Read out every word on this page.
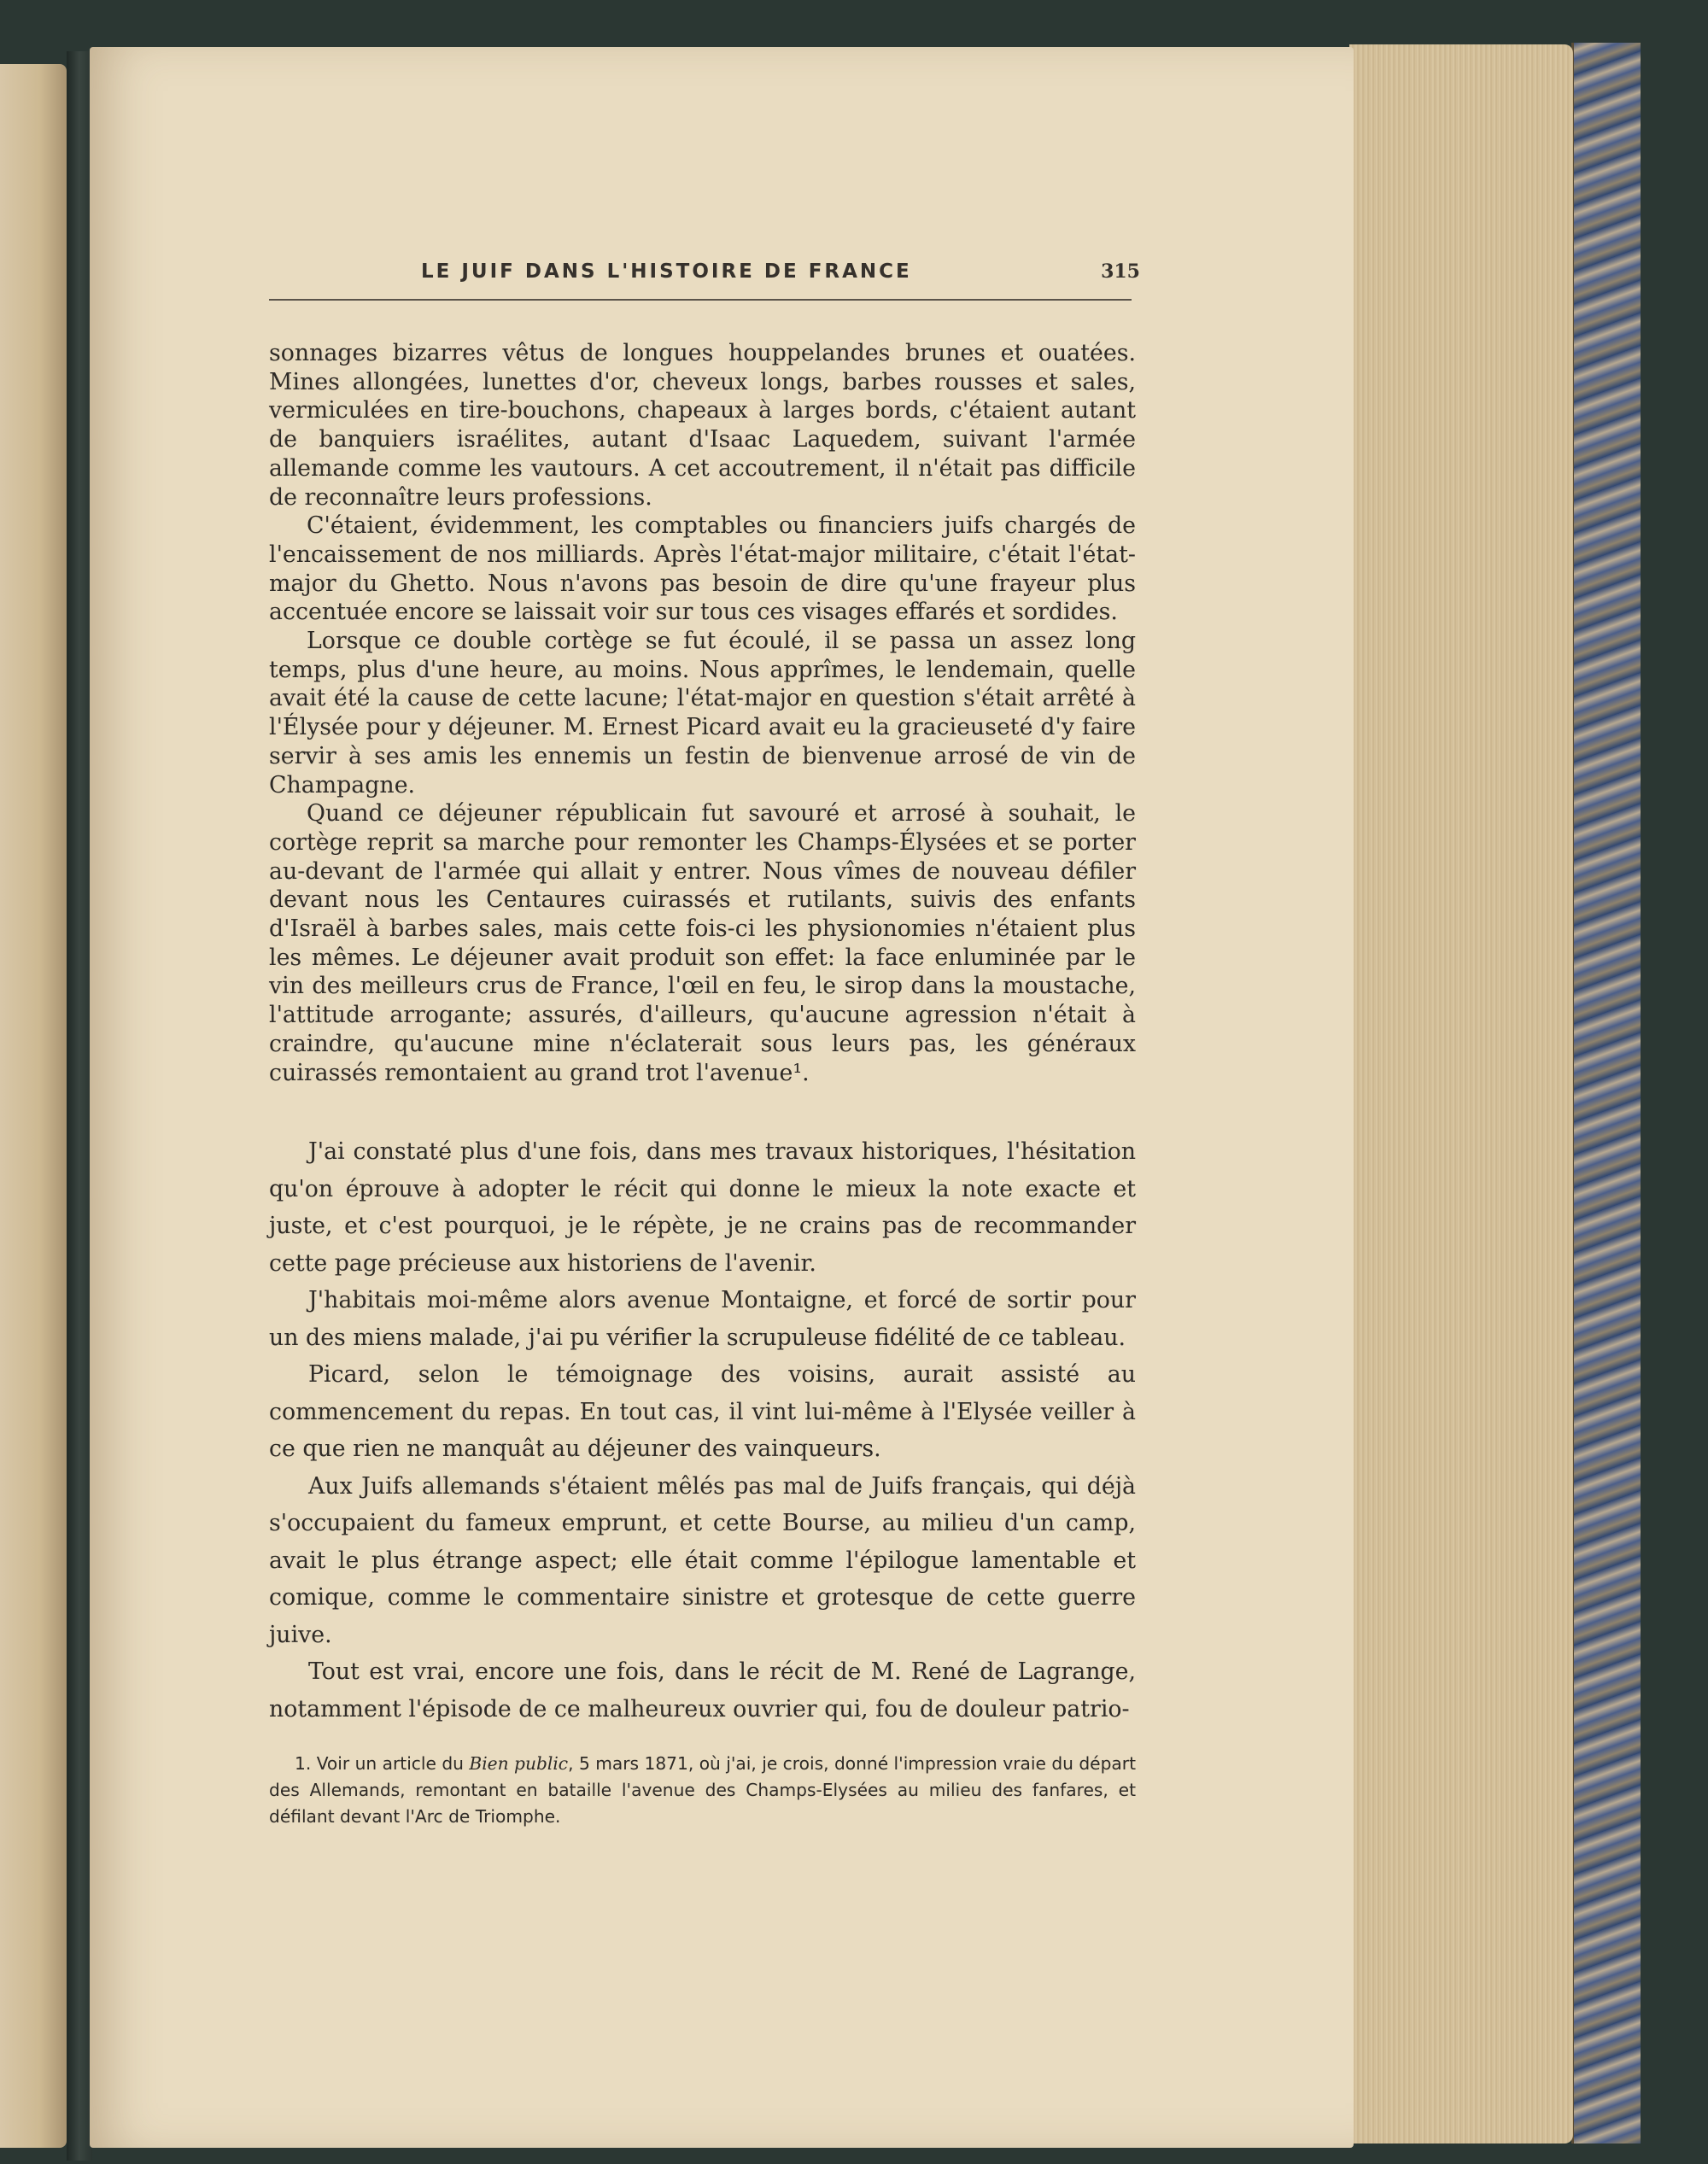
LE JUIF DANS L'HISTOIRE DE FRANCE	315

sonnages bizarres vêtus de longues houppelandes brunes et ouatées. Mines allongées, lunettes d'or, cheveux longs, barbes rousses et sales, vermiculées en tire-bouchons, chapeaux à larges bords, c'étaient autant de banquiers israélites, autant d'Isaac Laquedem, suivant l'armée allemande comme les vautours. A cet accoutrement, il n'était pas difficile de reconnaître leurs professions.

C'étaient, évidemment, les comptables ou financiers juifs chargés de l'encaissement de nos milliards. Après l'état-major militaire, c'était l'état-major du Ghetto. Nous n'avons pas besoin de dire qu'une frayeur plus accentuée encore se laissait voir sur tous ces visages effarés et sordides.

Lorsque ce double cortège se fut écoulé, il se passa un assez long temps, plus d'une heure, au moins. Nous apprîmes, le lendemain, quelle avait été la cause de cette lacune; l'état-major en question s'était arrêté à l'Élysée pour y déjeuner. M. Ernest Picard avait eu la gracieuseté d'y faire servir à ses amis les ennemis un festin de bienvenue arrosé de vin de Champagne.

Quand ce déjeuner républicain fut savouré et arrosé à souhait, le cortège reprit sa marche pour remonter les Champs-Élysées et se porter au-devant de l'armée qui allait y entrer. Nous vîmes de nouveau défiler devant nous les Centaures cuirassés et rutilants, suivis des enfants d'Israël à barbes sales, mais cette fois-ci les physionomies n'étaient plus les mêmes. Le déjeuner avait produit son effet: la face enluminée par le vin des meilleurs crus de France, l'œil en feu, le sirop dans la moustache, l'attitude arrogante; assurés, d'ailleurs, qu'aucune agression n'était à craindre, qu'aucune mine n'éclaterait sous leurs pas, les généraux cuirassés remontaient au grand trot l'avenue¹.

J'ai constaté plus d'une fois, dans mes travaux historiques, l'hésitation qu'on éprouve à adopter le récit qui donne le mieux la note exacte et juste, et c'est pourquoi, je le répète, je ne crains pas de recommander cette page précieuse aux historiens de l'avenir.

J'habitais moi-même alors avenue Montaigne, et forcé de sortir pour un des miens malade, j'ai pu vérifier la scrupuleuse fidélité de ce tableau.

Picard, selon le témoignage des voisins, aurait assisté au commencement du repas. En tout cas, il vint lui-même à l'Elysée veiller à ce que rien ne manquât au déjeuner des vainqueurs.

Aux Juifs allemands s'étaient mêlés pas mal de Juifs français, qui déjà s'occupaient du fameux emprunt, et cette Bourse, au milieu d'un camp, avait le plus étrange aspect; elle était comme l'épilogue lamentable et comique, comme le commentaire sinistre et grotesque de cette guerre juive.

Tout est vrai, encore une fois, dans le récit de M. René de Lagrange, notamment l'épisode de ce malheureux ouvrier qui, fou de douleur patrio-

1. Voir un article du Bien public, 5 mars 1871, où j'ai, je crois, donné l'impression vraie du départ des Allemands, remontant en bataille l'avenue des Champs-Elysées au milieu des fanfares, et défilant devant l'Arc de Triomphe.
